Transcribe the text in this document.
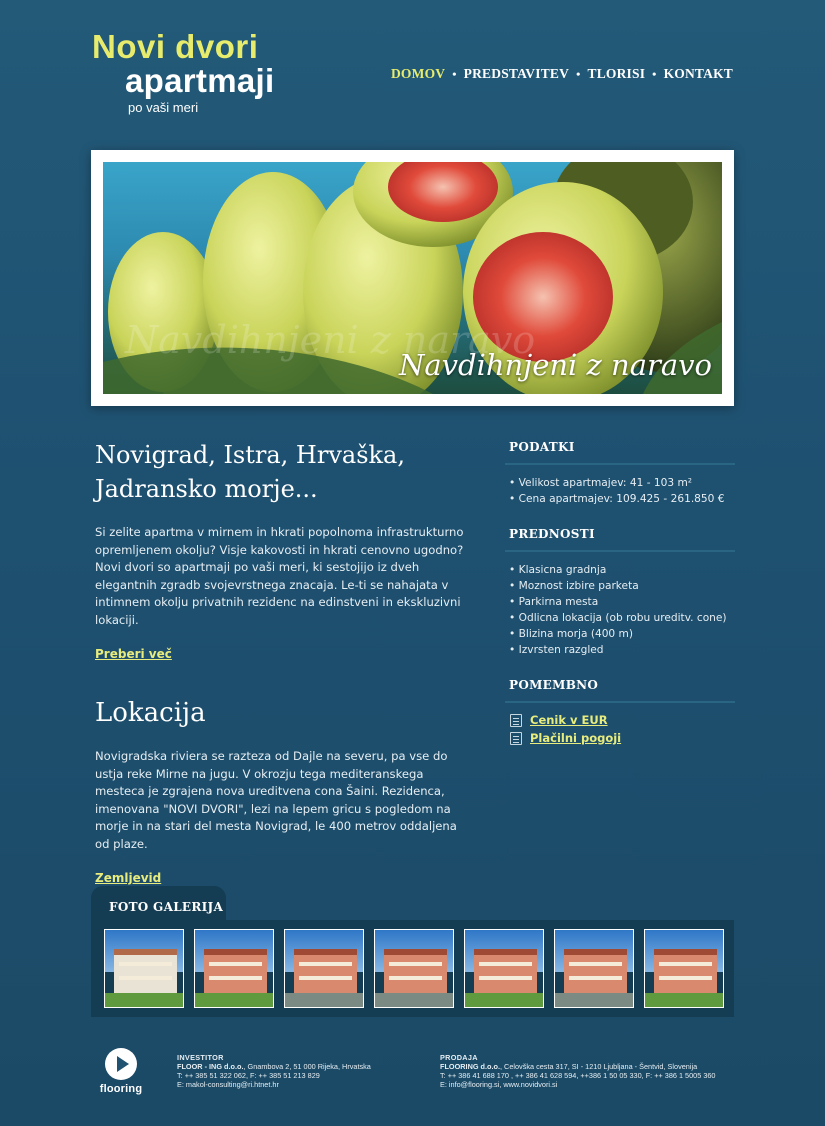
Novi dvori
apartmaji
po vaši meri
DOMOV • PREDSTAVITEV • TLORISI • KONTAKT
Navdihnjeni z naravo
Navdihnjeni z naravo
Novigrad, Istra, Hrvaška, Jadransko morje...

Si zelite apartma v mirnem in hkrati popolnoma infrastrukturno opremljenem okolju? Visje kakovosti in hkrati cenovno ugodno? Novi dvori so apartmaji po vaši meri, ki sestojijo iz dveh elegantnih zgradb svojevrstnega znacaja. Le-ti se nahajata v intimnem okolju privatnih rezidenc na edinstveni in ekskluzivni lokaciji.

Preberi več
Lokacija

Novigradska riviera se razteza od Dajle na severu, pa vse do ustja reke Mirne na jugu. V okrozju tega mediteranskega mesteca je zgrajena nova ureditvena cona Šaini. Rezidenca, imenovana "NOVI DVORI", lezi na lepem gricu s pogledom na morje in na stari del mesta Novigrad, le 400 metrov oddaljena od plaze.

Zemljevid
PODATKI
• Velikost apartmajev: 41 - 103 m²
• Cena apartmajev: 109.425 - 261.850 €
PREDNOSTI
• Klasicna gradnja
• Moznost izbire parketa
• Parkirna mesta
• Odlicna lokacija (ob robu ureditv. cone)
• Blizina morja (400 m)
• Izvrsten razgled
POMEMBNO
Cenik v EUR
Plačilni pogoji
FOTO GALERIJA
flooring
INVESTITOR
FLOOR - ING d.o.o., Gnambova 2, 51 000 Rijeka, Hrvatska
T: ++ 385 51 322 062, F: ++ 385 51 213 829
E: makol-consulting@ri.htnet.hr
PRODAJA
FLOORING d.o.o., Celovška cesta 317, SI - 1210 Ljubljana - Šentvid, Slovenija
T: ++ 386 41 688 170 , ++ 386 41 628 594, ++386 1 50 05 330, F: ++ 386 1 5005 360
E: info@flooring.si, www.novidvori.si
